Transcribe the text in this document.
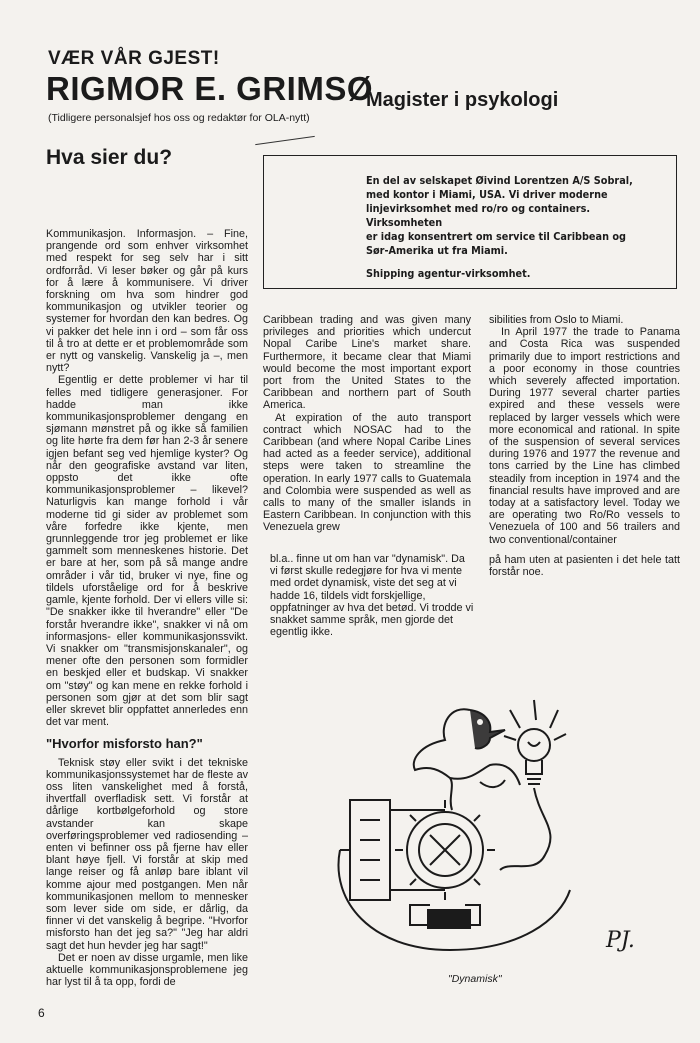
VÆR VÅR GJEST!
RIGMOR E. GRIMSØ
Magister i psykologi
(Tidligere personalsjef hos oss og redaktør for OLA-nytt)
Hva sier du?

Kommunikasjon. Informasjon. – Fine, prangende ord som enhver virksomhet med respekt for seg selv har i sitt ordforråd. Vi leser bøker og går på kurs for å lære å kommunisere. Vi driver forskning om hva som hindrer god kommunikasjon og utvikler teorier og systemer for hvordan den kan bedres. Og vi pakker det hele inn i ord – som får oss til å tro at dette er et problemområde som er nytt og vanskelig. Vanskelig ja –, men nytt?

Egentlig er dette problemer vi har til felles med tidligere generasjoner. For hadde man ikke kommunikasjonsproblemer dengang en sjømann mønstret på og ikke så familien og lite hørte fra dem før han 2-3 år senere igjen befant seg ved hjemlige kyster? Og når den geografiske avstand var liten, oppsto det ikke ofte kommunikasjonsproblemer – likevel? Naturligvis kan mange forhold i vår moderne tid gi sider av problemet som våre forfedre ikke kjente, men grunnleggende tror jeg problemet er like gammelt som menneskenes historie. Det er bare at her, som på så mange andre områder i vår tid, bruker vi nye, fine og tildels uforståelige ord for å beskrive gamle, kjente forhold. Der vi ellers ville si: "De snakker ikke til hverandre" eller "De forstår hverandre ikke", snakker vi nå om informasjons- eller kommunikasjonssvikt. Vi snakker om "transmisjonskanaler", og mener ofte den personen som formidler en beskjed eller et budskap. Vi snakker om "støy" og kan mene en rekke forhold i personen som gjør at det som blir sagt eller skrevet blir oppfattet annerledes enn det var ment.

"Hvorfor misforsto han?"

Teknisk støy eller svikt i det tekniske kommunikasjonssystemet har de fleste av oss liten vanskelighet med å forstå, ihvertfall overfladisk sett. Vi forstår at dårlige kortbølgeforhold og store avstander kan skape overføringsproblemer ved radiosending – enten vi befinner oss på fjerne hav eller blant høye fjell. Vi forstår at skip med lange reiser og få anløp bare iblant vil komme ajour med postgangen. Men når kommunikasjonen mellom to mennesker som lever side om side, er dårlig, da finner vi det vanskelig å begripe. "Hvorfor misforsto han det jeg sa?" "Jeg har aldri sagt det hun hevder jeg har sagt!"

Det er noen av disse urgamle, men like aktuelle kommunikasjonsproblemene jeg har lyst til å ta opp, fordi de

Caribbean trading and was given many privileges and priorities which undercut Nopal Caribe Line's market share. Furthermore, it became clear that Miami would become the most important export port from the United States to the Caribbean and northern part of South America.

At expiration of the auto transport contract which NOSAC had to the Caribbean (and where Nopal Caribe Lines had acted as a feeder service), additional steps were taken to streamline the operation. In early 1977 calls to Guatemala and Colombia were suspended as well as calls to many of the smaller islands in Eastern Caribbean. In conjunction with this Venezuela grew

bl.a.. finne ut om han var "dynamisk". Da vi først skulle redegjøre for hva vi mente med ordet dynamisk, viste det seg at vi hadde 16, tildels vidt forskjellige, oppfatninger av hva det betød. Vi trodde vi snakket samme språk, men gjorde det egentlig ikke.

sibilities from Oslo to Miami.

In April 1977 the trade to Panama and Costa Rica was suspended primarily due to import restrictions and a poor economy in those countries which severely affected importation. During 1977 several charter parties expired and these vessels were replaced by larger vessels which were more economical and rational. In spite of the suspension of several services during 1976 and 1977 the revenue and tons carried by the Line has climbed steadily from inception in 1974 and the financial results have improved and are today at a satisfactory level. Today we are operating two Ro/Ro vessels to Venezuela of 100 and 56 trailers and two conventional/container

på ham uten at pasienten i det hele tatt forstår noe.

En del av selskapet Øivind Lorentzen A/S Sobral,

med kontor i Miami, USA. Vi driver moderne

linjevirksomhet med ro/ro og containers. Virksomheten

er idag konsentrert om service til Caribbean og

Sør-Amerika ut fra Miami.

Shipping agentur-virksomhet.

PJ.
"Dynamisk"
6
